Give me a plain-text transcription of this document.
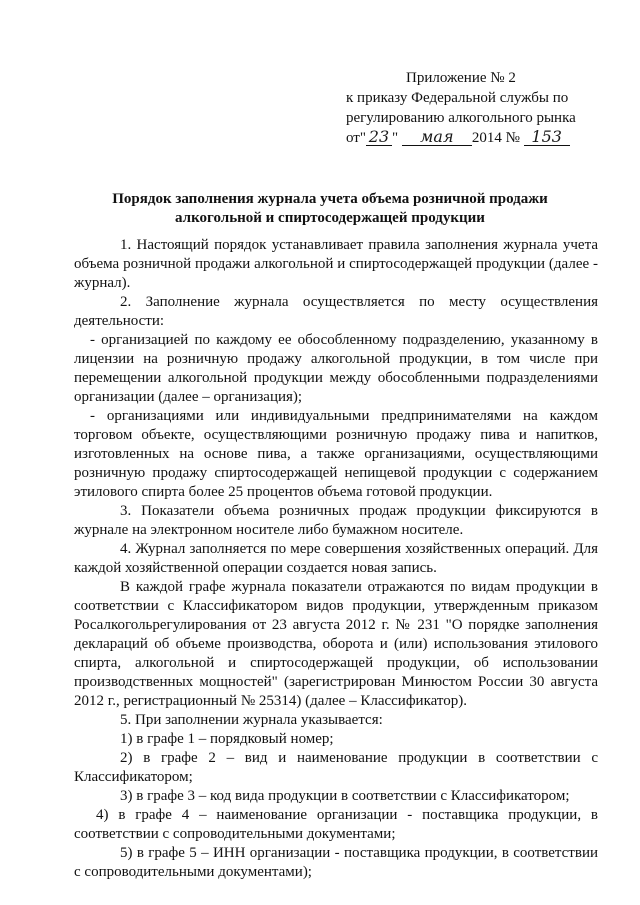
Приложение № 2
к приказу Федеральной службы по
регулированию алкогольного рынка
от" 23 " мая 2014 № 153
Порядок заполнения журнала учета объема розничной продажи
алкогольной и спиртосодержащей продукции

1. Настоящий порядок устанавливает правила заполнения журнала учета объема розничной продажи алкогольной и спиртосодержащей продукции (далее - журнал).

2. Заполнение журнала осуществляется по месту осуществления деятельности:

- организацией по каждому ее обособленному подразделению, указанному в лицензии на розничную продажу алкогольной продукции, в том числе при перемещении алкогольной продукции между обособленными подразделениями организации (далее – организация);

- организациями или индивидуальными предпринимателями на каждом торговом объекте, осуществляющими розничную продажу пива и напитков, изготовленных на основе пива, а также организациями, осуществляющими розничную продажу спиртосодержащей непищевой продукции с содержанием этилового спирта более 25 процентов объема готовой продукции.

3. Показатели объема розничных продаж продукции фиксируются в журнале на электронном носителе либо бумажном носителе.

4. Журнал заполняется по мере совершения хозяйственных операций. Для каждой хозяйственной операции создается новая запись.

В каждой графе журнала показатели отражаются по видам продукции в соответствии с Классификатором видов продукции, утвержденным приказом Росалкогольрегулирования от 23 августа 2012 г. № 231 "О порядке заполнения деклараций об объеме производства, оборота и (или) использования этилового спирта, алкогольной и спиртосодержащей продукции, об использовании производственных мощностей" (зарегистрирован Минюстом России 30 августа 2012 г., регистрационный № 25314) (далее – Классификатор).

5. При заполнении журнала указывается:

1) в графе 1 – порядковый номер;

2) в графе 2 – вид и наименование продукции в соответствии с Классификатором;

3) в графе 3 – код вида продукции в соответствии с Классификатором;

4) в графе 4 – наименование организации - поставщика продукции, в соответствии с сопроводительными документами;

5) в графе 5 – ИНН организации - поставщика продукции, в соответствии с сопроводительными документами);
